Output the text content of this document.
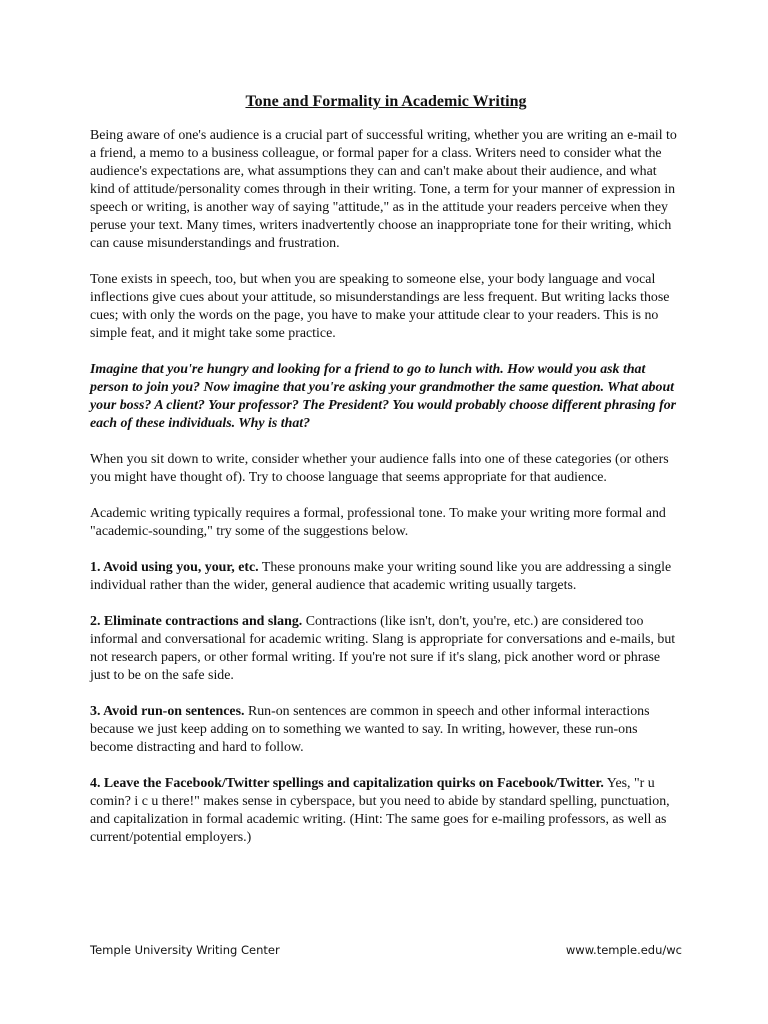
Tone and Formality in Academic Writing

Being aware of one's audience is a crucial part of successful writing, whether you are writing an e-mail to a friend, a memo to a business colleague, or formal paper for a class. Writers need to consider what the audience's expectations are, what assumptions they can and can't make about their audience, and what kind of attitude/personality comes through in their writing. Tone, a term for your manner of expression in speech or writing, is another way of saying "attitude," as in the attitude your readers perceive when they peruse your text. Many times, writers inadvertently choose an inappropriate tone for their writing, which can cause misunderstandings and frustration.

Tone exists in speech, too, but when you are speaking to someone else, your body language and vocal inflections give cues about your attitude, so misunderstandings are less frequent. But writing lacks those cues; with only the words on the page, you have to make your attitude clear to your readers. This is no simple feat, and it might take some practice.

Imagine that you're hungry and looking for a friend to go to lunch with. How would you ask that person to join you? Now imagine that you're asking your grandmother the same question. What about your boss? A client? Your professor? The President? You would probably choose different phrasing for each of these individuals. Why is that?

When you sit down to write, consider whether your audience falls into one of these categories (or others you might have thought of). Try to choose language that seems appropriate for that audience.

Academic writing typically requires a formal, professional tone. To make your writing more formal and "academic-sounding," try some of the suggestions below.

1. Avoid using you, your, etc. These pronouns make your writing sound like you are addressing a single individual rather than the wider, general audience that academic writing usually targets.

2. Eliminate contractions and slang. Contractions (like isn't, don't, you're, etc.) are considered too informal and conversational for academic writing. Slang is appropriate for conversations and e-mails, but not research papers, or other formal writing. If you're not sure if it's slang, pick another word or phrase just to be on the safe side.

3. Avoid run-on sentences. Run-on sentences are common in speech and other informal interactions because we just keep adding on to something we wanted to say. In writing, however, these run-ons become distracting and hard to follow.

4. Leave the Facebook/Twitter spellings and capitalization quirks on Facebook/Twitter. Yes, "r u comin? i c u there!" makes sense in cyberspace, but you need to abide by standard spelling, punctuation, and capitalization in formal academic writing. (Hint: The same goes for e-mailing professors, as well as current/potential employers.)

Temple University Writing Center	www.temple.edu/wc
